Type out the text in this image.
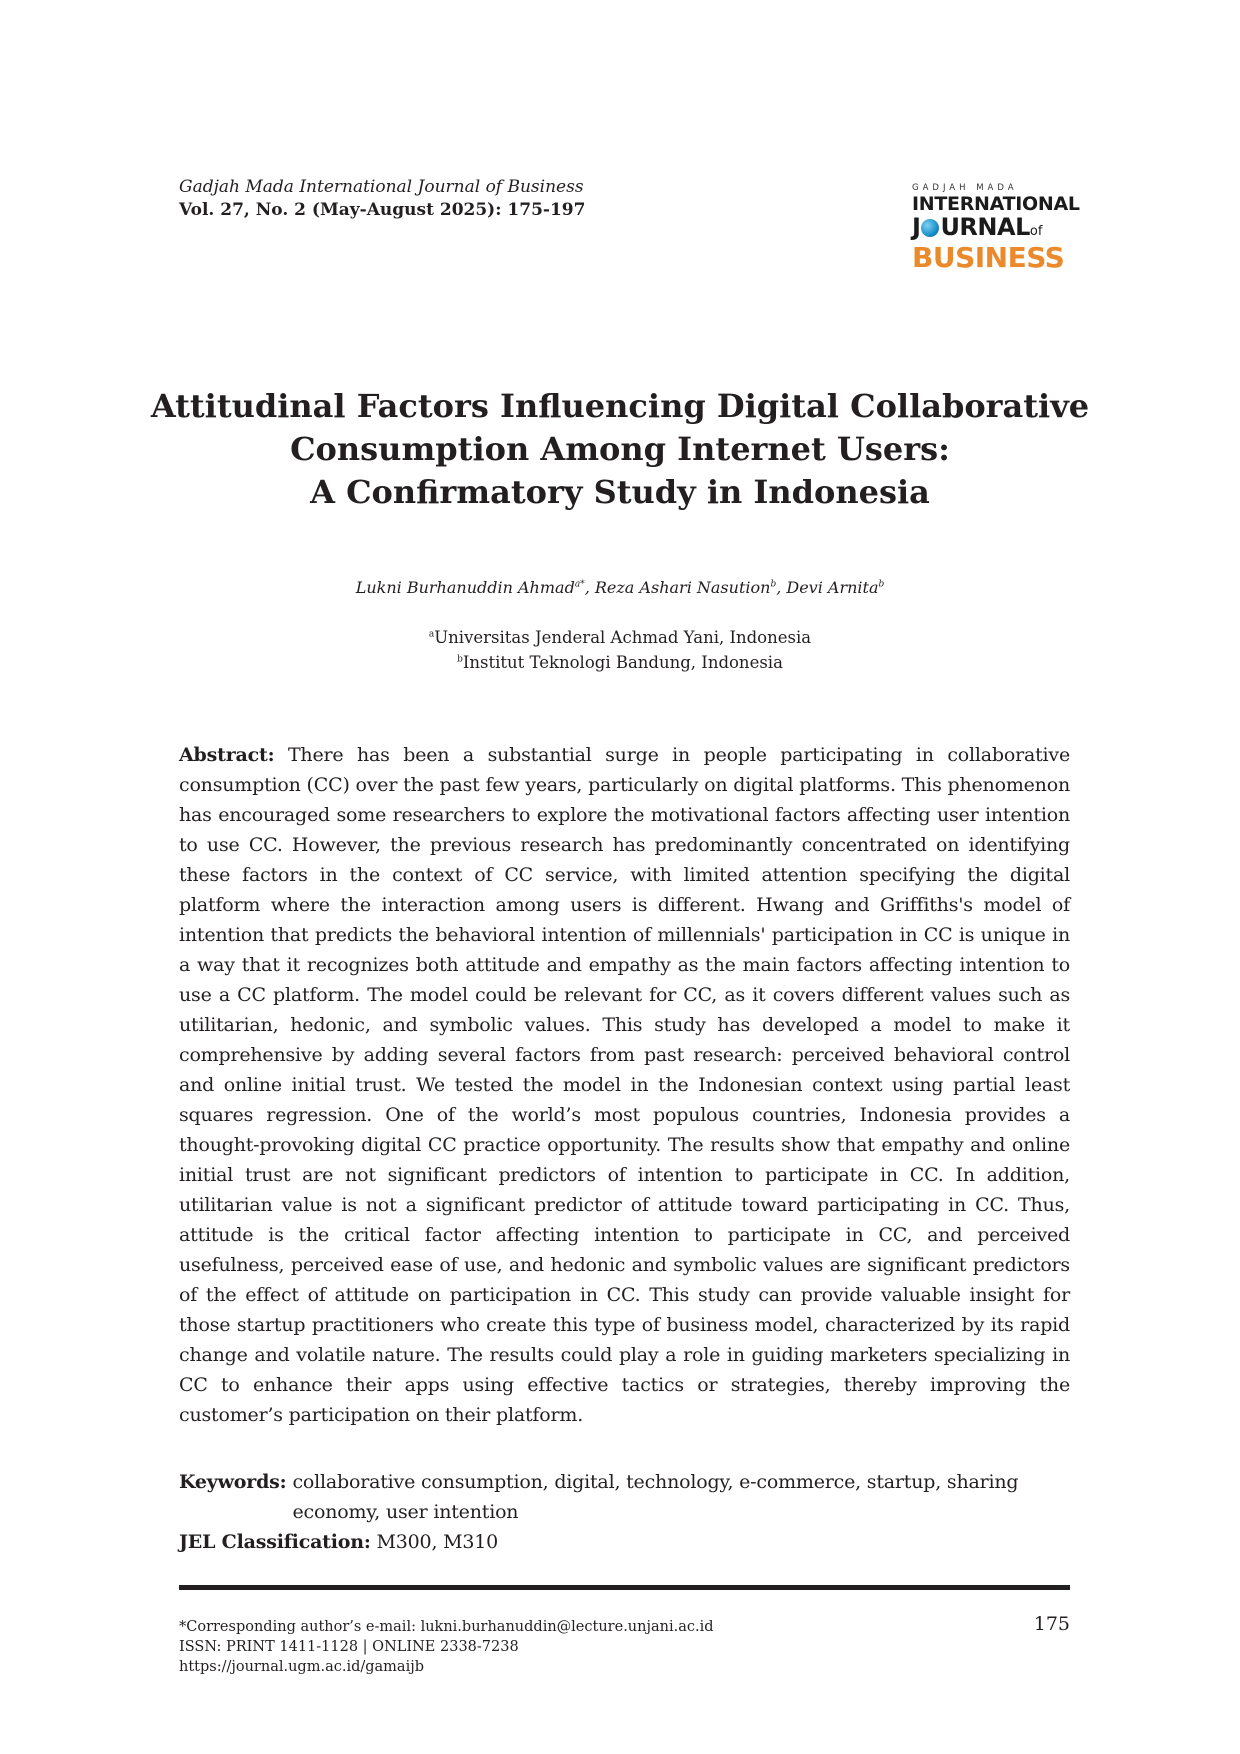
Gadjah Mada International Journal of Business
Vol. 27, No. 2 (May-August 2025): 175-197
GADJAH MADA
INTERNATIONAL
J URNALof
BUSINESS
Attitudinal Factors Influencing Digital Collaborative
Consumption Among Internet Users:
A Confirmatory Study in Indonesia
Lukni Burhanuddin Ahmad$^{a*}$, Reza Ashari Nasution$^b$, Devi Arnita$^b$
$^a$Universitas Jenderal Achmad Yani, Indonesia
$^b$Institut Teknologi Bandung, Indonesia
Abstract: There has been a substantial surge in people participating in collaborative consumption (CC) over the past few years, particularly on digital platforms. This phenomenon has encouraged some researchers to explore the motivational factors affecting user intention to use CC. However, the previous research has predominantly concentrated on identifying these factors in the context of CC service, with limited attention specifying the digital platform where the interaction among users is different. Hwang and Griffiths's model of intention that predicts the behavioral intention of millennials' participation in CC is unique in a way that it recognizes both attitude and empathy as the main factors affecting intention to use a CC platform. The model could be relevant for CC, as it covers different values such as utilitarian, hedonic, and symbolic values. This study has developed a model to make it comprehensive by adding several factors from past research: perceived behavioral control and online initial trust. We tested the model in the Indonesian context using partial least squares regression. One of the world’s most populous countries, Indonesia provides a thought-provoking digital CC practice opportunity. The results show that empathy and online initial trust are not significant predictors of intention to participate in CC. In addition, utilitarian value is not a significant predictor of attitude toward participating in CC. Thus, attitude is the critical factor affecting intention to participate in CC, and perceived usefulness, perceived ease of use, and hedonic and symbolic values are significant predictors of the effect of attitude on participation in CC. This study can provide valuable insight for those startup practitioners who create this type of business model, characterized by its rapid change and volatile nature. The results could play a role in guiding marketers specializing in CC to enhance their apps using effective tactics or strategies, thereby improving the customer’s participation on their platform.
Keywords: collaborative consumption, digital, technology, e-commerce, startup, sharing economy, user intention
JEL Classification: M300, M310
*Corresponding author’s e-mail: lukni.burhanuddin@lecture.unjani.ac.id
ISSN: PRINT 1411-1128 | ONLINE 2338-7238
https://journal.ugm.ac.id/gamaijb
175
